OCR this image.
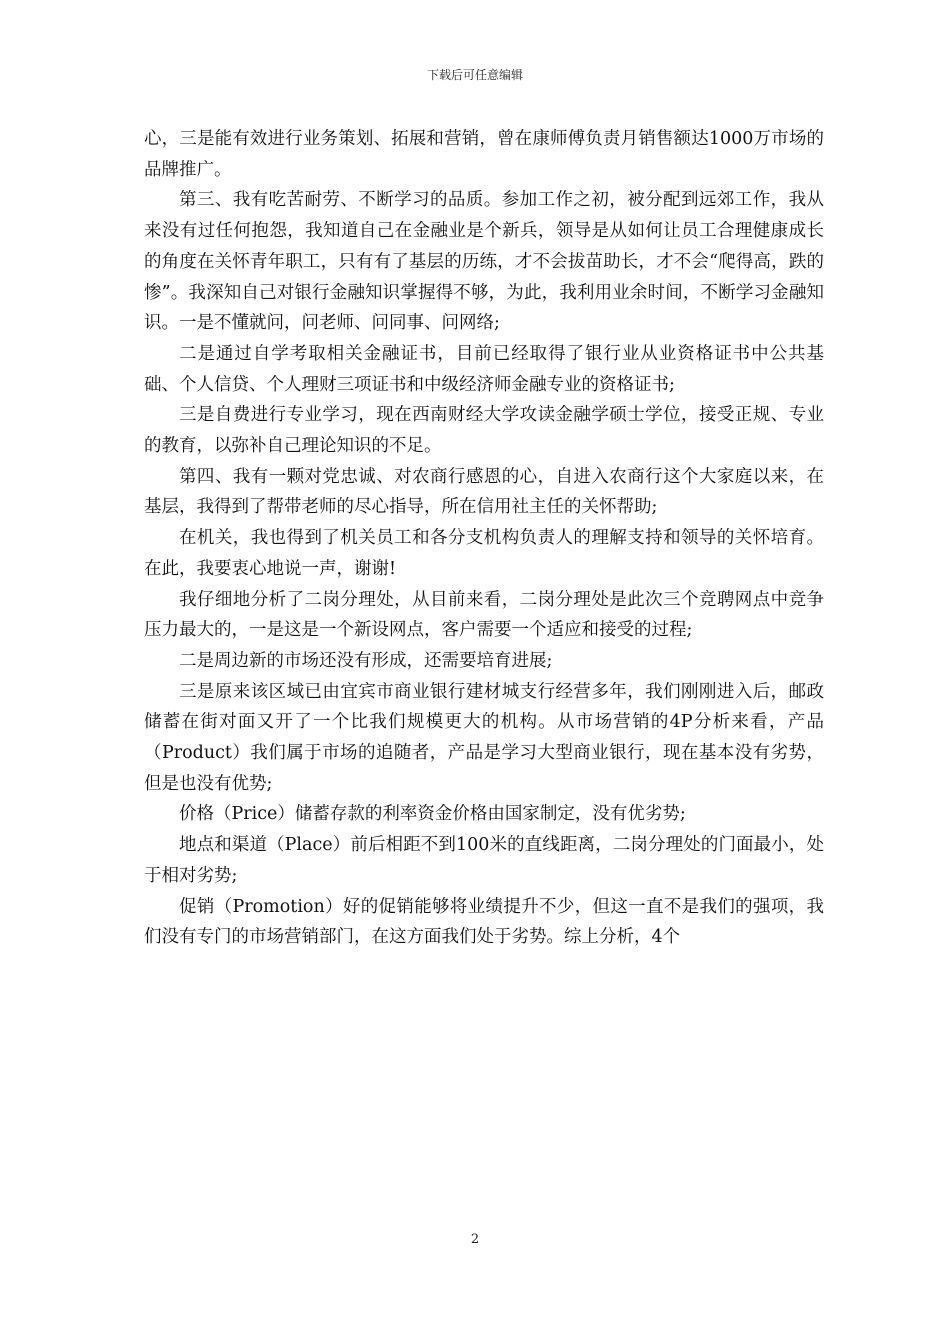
下载后可任意编辑

心，三是能有效进行业务策划、拓展和营销，曾在康师傅负责月销售额达1000万市场的品牌推广。

第三、我有吃苦耐劳、不断学习的品质。参加工作之初，被分配到远郊工作，我从来没有过任何抱怨，我知道自己在金融业是个新兵，领导是从如何让员工合理健康成长的角度在关怀青年职工，只有有了基层的历练，才不会拔苗助长，才不会“爬得高，跌的惨”。我深知自己对银行金融知识掌握得不够，为此，我利用业余时间，不断学习金融知识。一是不懂就问，问老师、问同事、问网络;

二是通过自学考取相关金融证书，目前已经取得了银行业从业资格证书中公共基础、个人信贷、个人理财三项证书和中级经济师金融专业的资格证书;

三是自费进行专业学习，现在西南财经大学攻读金融学硕士学位，接受正规、专业的教育，以弥补自己理论知识的不足。

第四、我有一颗对党忠诚、对农商行感恩的心，自进入农商行这个大家庭以来，在基层，我得到了帮带老师的尽心指导，所在信用社主任的关怀帮助;

在机关，我也得到了机关员工和各分支机构负责人的理解支持和领导的关怀培育。在此，我要衷心地说一声，谢谢!

我仔细地分析了二岗分理处，从目前来看，二岗分理处是此次三个竞聘网点中竞争压力最大的，一是这是一个新设网点，客户需要一个适应和接受的过程;

二是周边新的市场还没有形成，还需要培育进展;

三是原来该区域已由宜宾市商业银行建材城支行经营多年，我们刚刚进入后，邮政储蓄在街对面又开了一个比我们规模更大的机构。从市场营销的4P分析来看，产品（Product）我们属于市场的追随者，产品是学习大型商业银行，现在基本没有劣势，但是也没有优势;

价格（Price）储蓄存款的利率资金价格由国家制定，没有优劣势;

地点和渠道（Place）前后相距不到100米的直线距离，二岗分理处的门面最小，处于相对劣势;

促销（Promotion）好的促销能够将业绩提升不少，但这一直不是我们的强项，我们没有专门的市场营销部门，在这方面我们处于劣势。综上分析，4个

2
